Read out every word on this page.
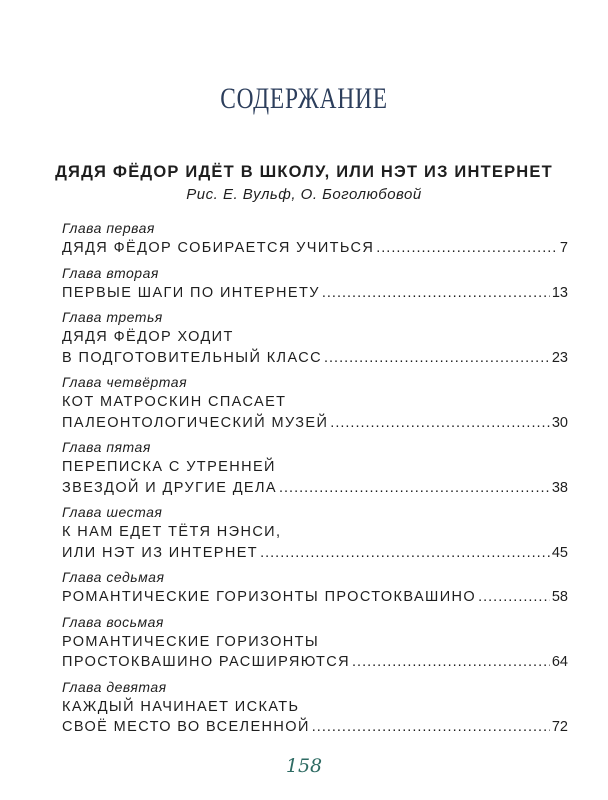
СОДЕРЖАНИЕ
ДЯДЯ ФЁДОР ИДЁТ В ШКОЛУ, ИЛИ НЭТ ИЗ ИНТЕРНЕТ
Рис. Е. Вульф, О. Боголюбовой
Глава первая
ДЯДЯ ФЁДОР СОБИРАЕТСЯ УЧИТЬСЯ .....	7
Глава вторая
ПЕРВЫЕ ШАГИ ПО ИНТЕРНЕТУ .....	13
Глава третья
ДЯДЯ ФЁДОР ХОДИТ
В ПОДГОТОВИТЕЛЬНЫЙ КЛАСС .....	23
Глава четвёртая
КОТ МАТРОСКИН СПАСАЕТ
ПАЛЕОНТОЛОГИЧЕСКИЙ МУЗЕЙ .....	30
Глава пятая
ПЕРЕПИСКА С УТРЕННЕЙ
ЗВЕЗДОЙ И ДРУГИЕ ДЕЛА .....	38
Глава шестая
К НАМ ЕДЕТ ТЁТЯ НЭНСИ,
ИЛИ НЭТ ИЗ ИНТЕРНЕТ .....	45
Глава седьмая
РОМАНТИЧЕСКИЕ ГОРИЗОНТЫ ПРОСТОКВАШИНО .....	58
Глава восьмая
РОМАНТИЧЕСКИЕ ГОРИЗОНТЫ
ПРОСТОКВАШИНО РАСШИРЯЮТСЯ .....	64
Глава девятая
КАЖДЫЙ НАЧИНАЕТ ИСКАТЬ
СВОЁ МЕСТО ВО ВСЕЛЕННОЙ .....	72
158
